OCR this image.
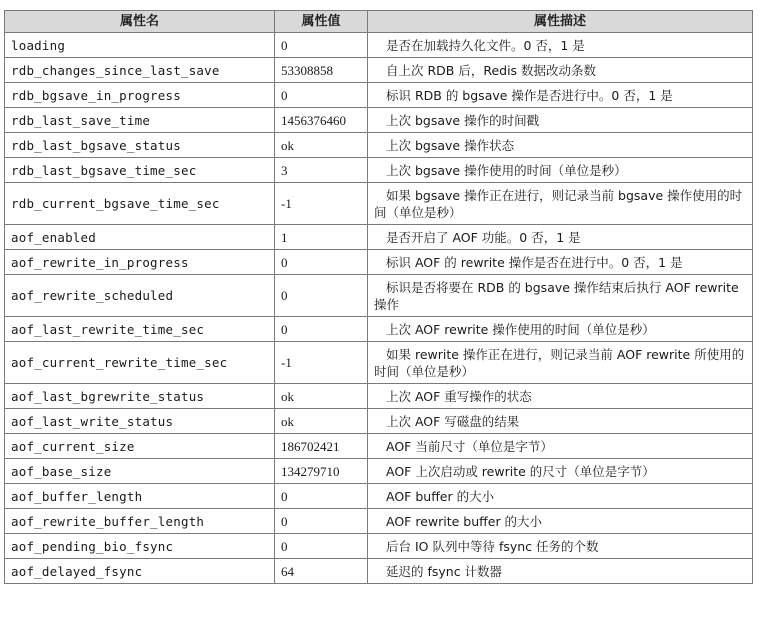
属性名	属性值	属性描述
loading	0	是否在加载持久化文件。0 否，1 是
rdb_changes_since_last_save	53308858	自上次 RDB 后，Redis 数据改动条数
rdb_bgsave_in_progress	0	标识 RDB 的 bgsave 操作是否进行中。0 否，1 是
rdb_last_save_time	1456376460	上次 bgsave 操作的时间戳
rdb_last_bgsave_status	ok	上次 bgsave 操作状态
rdb_last_bgsave_time_sec	3	上次 bgsave 操作使用的时间（单位是秒）
rdb_current_bgsave_time_sec	-1	如果 bgsave 操作正在进行，则记录当前 bgsave 操作使用的时间（单位是秒）
aof_enabled	1	是否开启了 AOF 功能。0 否，1 是
aof_rewrite_in_progress	0	标识 AOF 的 rewrite 操作是否在进行中。0 否，1 是
aof_rewrite_scheduled	0	标识是否将要在 RDB 的 bgsave 操作结束后执行 AOF rewrite 操作
aof_last_rewrite_time_sec	0	上次 AOF rewrite 操作使用的时间（单位是秒）
aof_current_rewrite_time_sec	-1	如果 rewrite 操作正在进行，则记录当前 AOF rewrite 所使用的时间（单位是秒）
aof_last_bgrewrite_status	ok	上次 AOF 重写操作的状态
aof_last_write_status	ok	上次 AOF 写磁盘的结果
aof_current_size	186702421	AOF 当前尺寸（单位是字节）
aof_base_size	134279710	AOF 上次启动或 rewrite 的尺寸（单位是字节）
aof_buffer_length	0	AOF buffer 的大小
aof_rewrite_buffer_length	0	AOF rewrite buffer 的大小
aof_pending_bio_fsync	0	后台 IO 队列中等待 fsync 任务的个数
aof_delayed_fsync	64	延迟的 fsync 计数器
